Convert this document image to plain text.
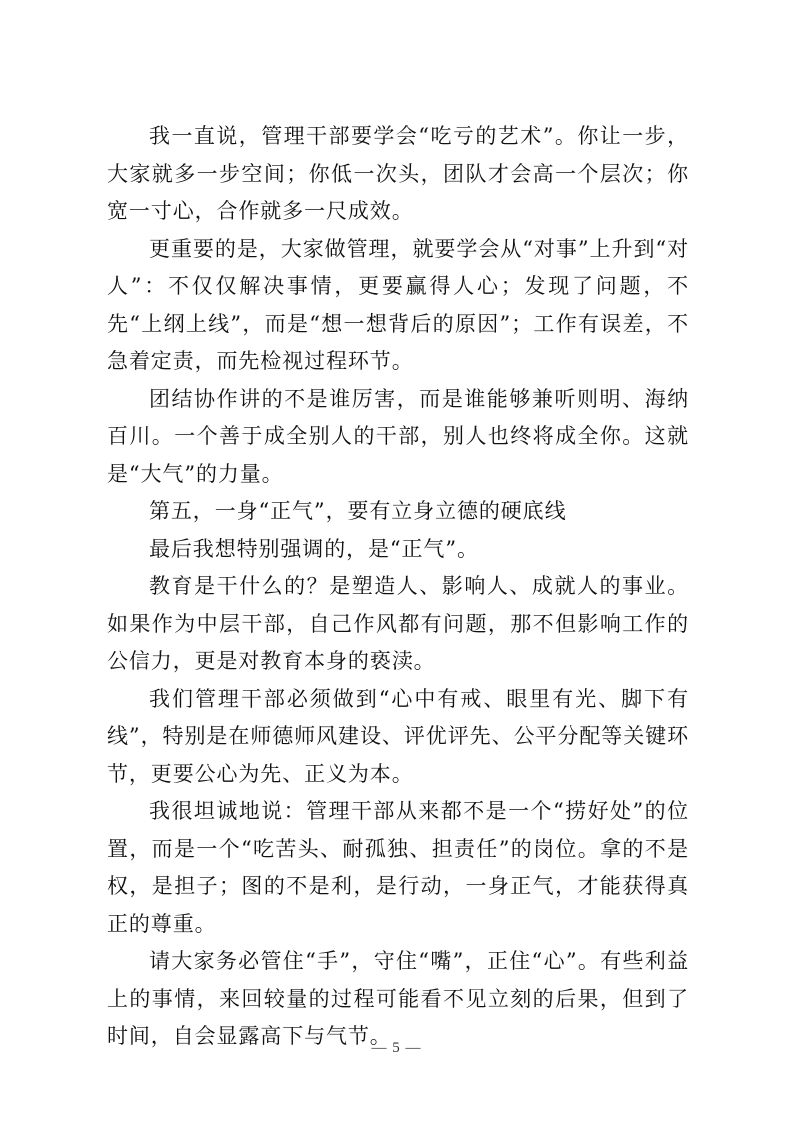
我一直说，管理干部要学会“吃亏的艺术”。你让一步，大家就多一步空间；你低一次头，团队才会高一个层次；你宽一寸心，合作就多一尺成效。

更重要的是，大家做管理，就要学会从“对事”上升到“对人”：不仅仅解决事情，更要赢得人心；发现了问题，不先“上纲上线”，而是“想一想背后的原因”；工作有误差，不急着定责，而先检视过程环节。

团结协作讲的不是谁厉害，而是谁能够兼听则明、海纳百川。一个善于成全别人的干部，别人也终将成全你。这就是“大气”的力量。

第五，一身“正气”，要有立身立德的硬底线

最后我想特别强调的，是“正气”。

教育是干什么的？是塑造人、影响人、成就人的事业。如果作为中层干部，自己作风都有问题，那不但影响工作的公信力，更是对教育本身的亵渎。

我们管理干部必须做到“心中有戒、眼里有光、脚下有线”，特别是在师德师风建设、评优评先、公平分配等关键环节，更要公心为先、正义为本。

我很坦诚地说：管理干部从来都不是一个“捞好处”的位置，而是一个“吃苦头、耐孤独、担责任”的岗位。拿的不是权，是担子；图的不是利，是行动，一身正气，才能获得真正的尊重。

请大家务必管住“手”，守住“嘴”，正住“心”。有些利益上的事情，来回较量的过程可能看不见立刻的后果，但到了时间，自会显露高下与气节。

— 5 —
